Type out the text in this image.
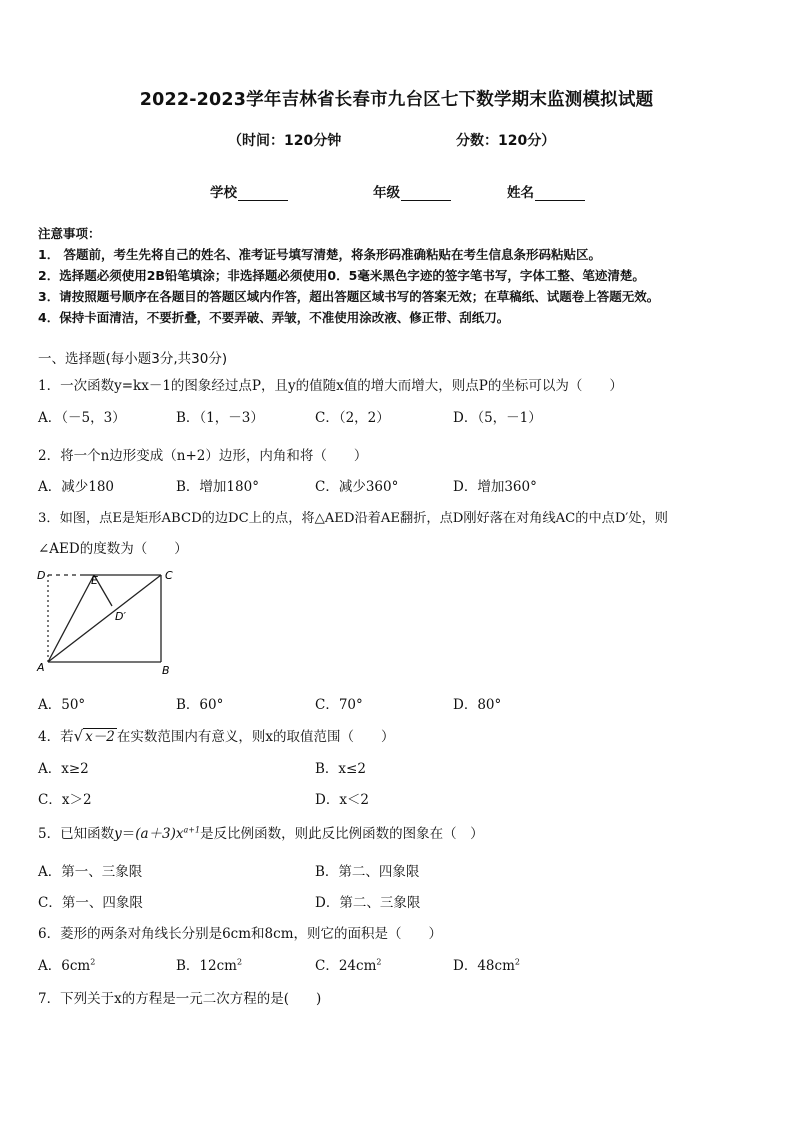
2022-2023学年吉林省长春市九台区七下数学期末监测模拟试题
（时间：120分钟	分数：120分）
学校	年级	姓名
注意事项：
1． 答题前，考生先将自己的姓名、准考证号填写清楚，将条形码准确粘贴在考生信息条形码粘贴区。
2．选择题必须使用2B铅笔填涂；非选择题必须使用0．5毫米黑色字迹的签字笔书写，字体工整、笔迹清楚。
3．请按照题号顺序在各题目的答题区域内作答，超出答题区域书写的答案无效；在草稿纸、试题卷上答题无效。
4．保持卡面清洁，不要折叠，不要弄破、弄皱，不准使用涂改液、修正带、刮纸刀。
一、选择题(每小题3分,共30分)
1．一次函数y=kx－1的图象经过点P，且y的值随x值的增大而增大，则点P的坐标可以为（　　）
A．（－5，3）	B．（1，－3）	C．（2，2）	D．（5，－1）
2．将一个n边形变成（n+2）边形，内角和将（　　）
A．减少180	B．增加180°	C．减少360°	D．增加360°
3．如图，点E是矩形ABCD的边DC上的点，将△AED沿着AE翻折，点D刚好落在对角线AC的中点D′处，则
∠AED的度数为（　　）
D	E	C
D′
A	B
A．50°	B．60°	C．70°	D．80°
4．若√ x－2 在实数范围内有意义，则x的取值范围（　　）
A．x≥2	B．x≤2
C．x＞2	D．x＜2
5．已知函数$y=(a+3)x^{a+1}$是反比例函数，则此反比例函数的图象在（　）
A．第一、三象限	B．第二、四象限
C．第一、四象限	D．第二、三象限
6．菱形的两条对角线长分别是6cm和8cm，则它的面积是（　　）
A．$6cm^2$	B．$12cm^2$	C．$24cm^2$	D．$48cm^2$
7．下列关于x的方程是一元二次方程的是(　　)
